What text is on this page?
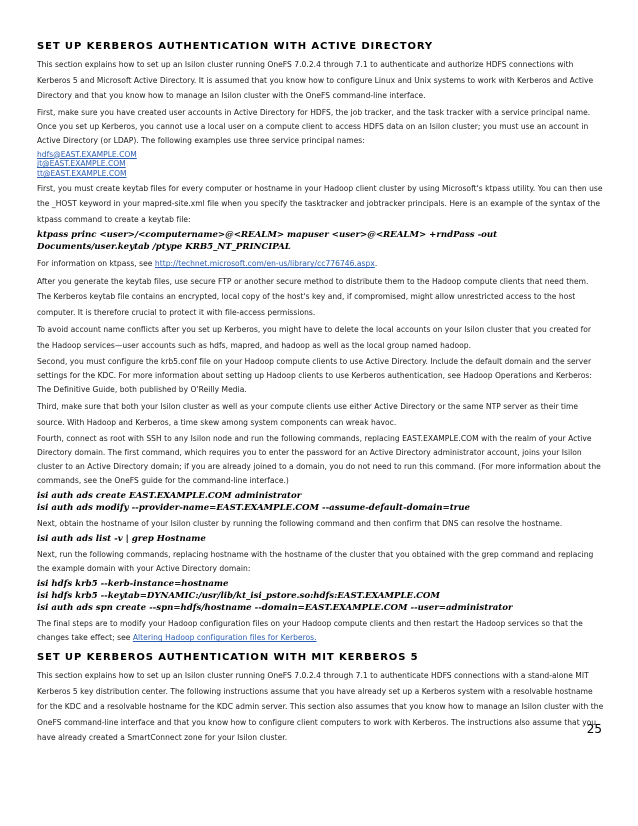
SET UP KERBEROS AUTHENTICATION WITH ACTIVE DIRECTORY

This section explains how to set up an Isilon cluster running OneFS 7.0.2.4 through 7.1 to authenticate and authorize HDFS connections with Kerberos 5 and Microsoft Active Directory. It is assumed that you know how to configure Linux and Unix systems to work with Kerberos and Active Directory and that you know how to manage an Isilon cluster with the OneFS command-line interface.

First, make sure you have created user accounts in Active Directory for HDFS, the job tracker, and the task tracker with a service principal name. Once you set up Kerberos, you cannot use a local user on a compute client to access HDFS data on an Isilon cluster; you must use an account in Active Directory (or LDAP). The following examples use three service principal names:

hdfs@EAST.EXAMPLE.COM
jt@EAST.EXAMPLE.COM
tt@EAST.EXAMPLE.COM

First, you must create keytab files for every computer or hostname in your Hadoop client cluster by using Microsoft's ktpass utility. You can then use the _HOST keyword in your mapred-site.xml file when you specify the tasktracker and jobtracker principals. Here is an example of the syntax of the ktpass command to create a keytab file:

ktpass princ <user>/<computername>@<REALM> mapuser <user>@<REALM> +rndPass -out
Documents/user.keytab /ptype KRB5_NT_PRINCIPAL

For information on ktpass, see http://technet.microsoft.com/en-us/library/cc776746.aspx.

After you generate the keytab files, use secure FTP or another secure method to distribute them to the Hadoop compute clients that need them. The Kerberos keytab file contains an encrypted, local copy of the host's key and, if compromised, might allow unrestricted access to the host computer. It is therefore crucial to protect it with file-access permissions.

To avoid account name conflicts after you set up Kerberos, you might have to delete the local accounts on your Isilon cluster that you created for the Hadoop services—user accounts such as hdfs, mapred, and hadoop as well as the local group named hadoop.

Second, you must configure the krb5.conf file on your Hadoop compute clients to use Active Directory. Include the default domain and the server settings for the KDC. For more information about setting up Hadoop clients to use Kerberos authentication, see Hadoop Operations and Kerberos: The Definitive Guide, both published by O'Reilly Media.

Third, make sure that both your Isilon cluster as well as your compute clients use either Active Directory or the same NTP server as their time source. With Hadoop and Kerberos, a time skew among system components can wreak havoc.

Fourth, connect as root with SSH to any Isilon node and run the following commands, replacing EAST.EXAMPLE.COM with the realm of your Active Directory domain. The first command, which requires you to enter the password for an Active Directory administrator account, joins your Isilon cluster to an Active Directory domain; if you are already joined to a domain, you do not need to run this command. (For more information about the commands, see the OneFS guide for the command-line interface.)

isi auth ads create EAST.EXAMPLE.COM administrator
isi auth ads modify --provider-name=EAST.EXAMPLE.COM --assume-default-domain=true

Next, obtain the hostname of your Isilon cluster by running the following command and then confirm that DNS can resolve the hostname.

isi auth ads list -v | grep Hostname

Next, run the following commands, replacing hostname with the hostname of the cluster that you obtained with the grep command and replacing the example domain with your Active Directory domain:

isi hdfs krb5 --kerb-instance=hostname
isi hdfs krb5 --keytab=DYNAMIC:/usr/lib/kt_isi_pstore.so:hdfs:EAST.EXAMPLE.COM
isi auth ads spn create --spn=hdfs/hostname --domain=EAST.EXAMPLE.COM --user=administrator

The final steps are to modify your Hadoop configuration files on your Hadoop compute clients and then restart the Hadoop services so that the changes take effect; see Altering Hadoop configuration files for Kerberos.

SET UP KERBEROS AUTHENTICATION WITH MIT KERBEROS 5

This section explains how to set up an Isilon cluster running OneFS 7.0.2.4 through 7.1 to authenticate HDFS connections with a stand-alone MIT Kerberos 5 key distribution center. The following instructions assume that you have already set up a Kerberos system with a resolvable hostname for the KDC and a resolvable hostname for the KDC admin server. This section also assumes that you know how to manage an Isilon cluster with the OneFS command-line interface and that you know how to configure client computers to work with Kerberos. The instructions also assume that you have already created a SmartConnect zone for your Isilon cluster.

25
